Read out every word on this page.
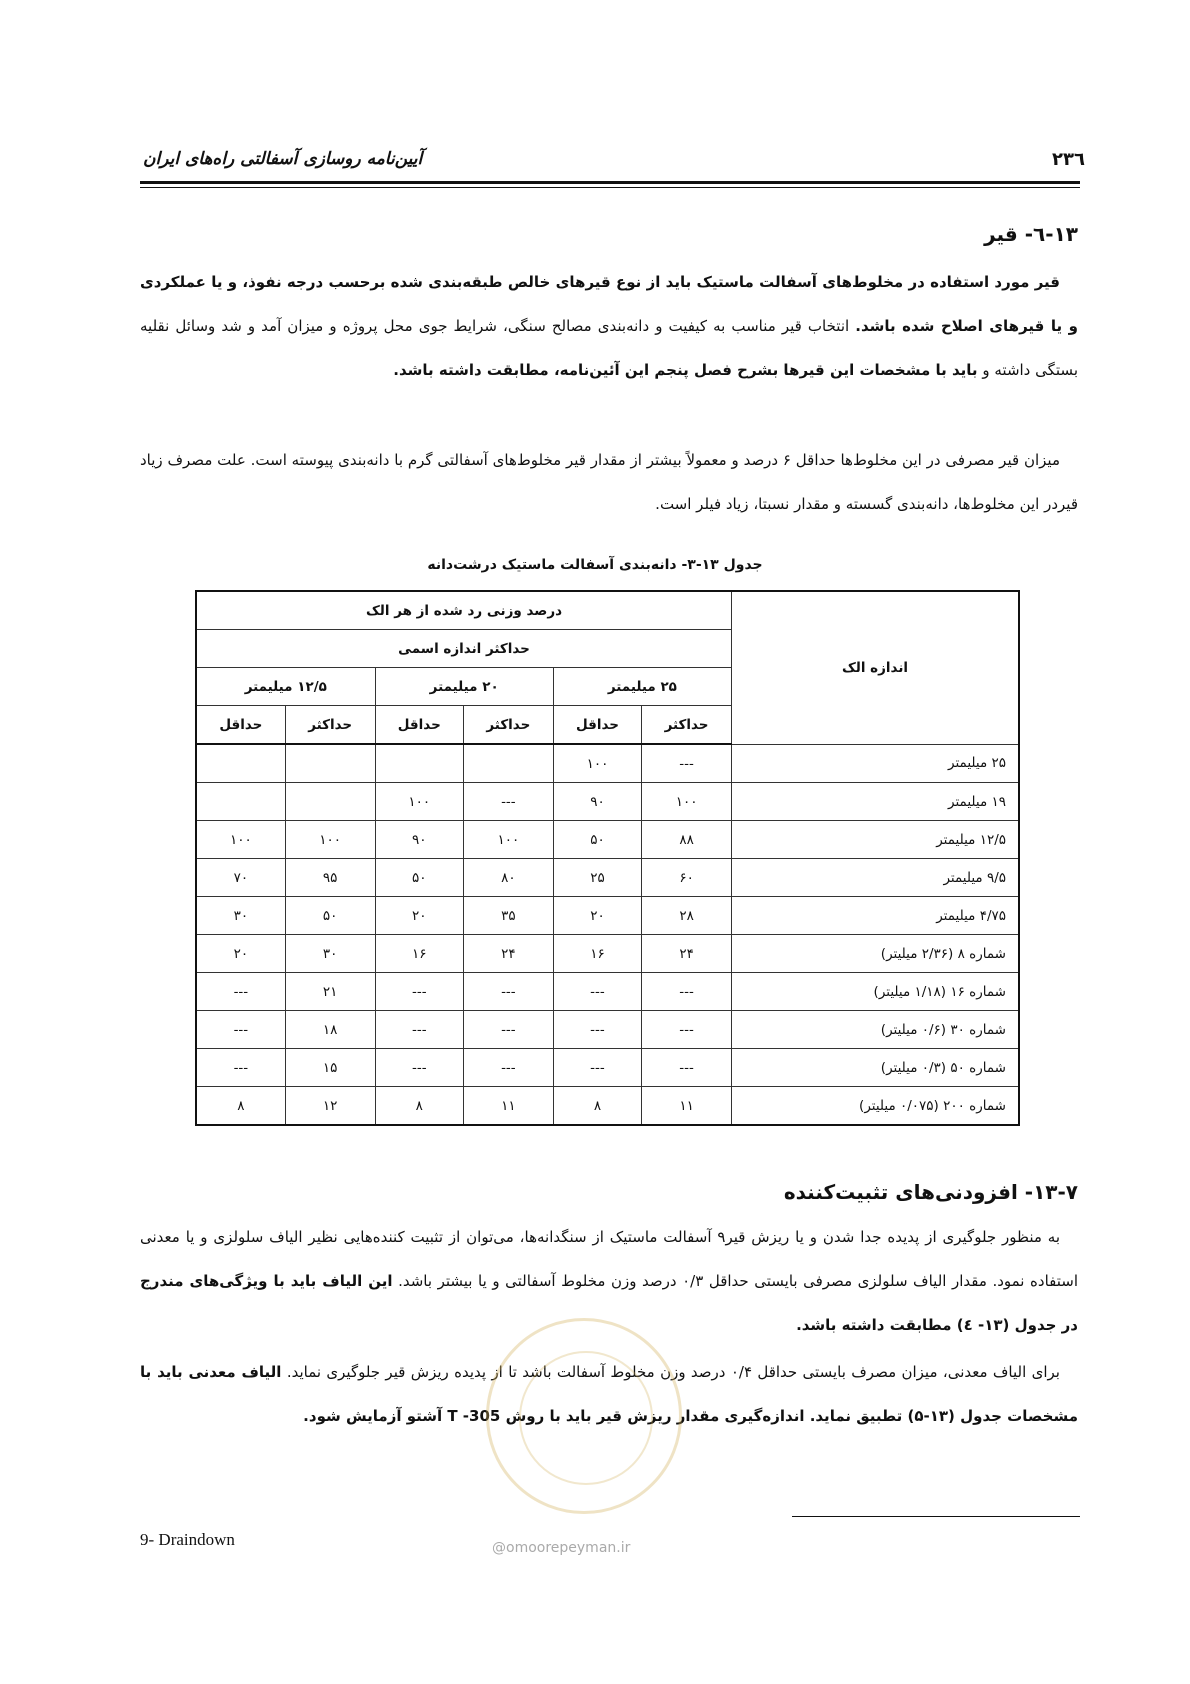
آیین‌نامه روسازی آسفالتی راه‌های ایران	۲۳٦
۱۳-٦- قیر
قیر مورد استفاده در مخلوط‌های آسفالت ماستیک باید از نوع قیرهای خالص طبقه‌بندی شده برحسب درجه نفوذ، و یا عملکردی و یا قیرهای اصلاح شده باشد. انتخاب قیر مناسب به کیفیت و دانه‌بندی مصالح سنگی، شرایط جوی محل پروژه و میزان آمد و شد وسائل نقلیه بستگی داشته و باید با مشخصات این قیرها بشرح فصل پنجم این آئین‌نامه، مطابقت داشته باشد.
میزان قیر مصرفی در این مخلوط‌ها حداقل ۶ درصد و معمولاً بیشتر از مقدار قیر مخلوط‌های آسفالتی گرم با دانه‌بندی پیوسته است. علت مصرف زیاد قیردر این مخلوط‌ها، دانه‌بندی گسسته و مقدار نسبتا، زیاد فیلر است.
جدول ۱۳-۳- دانه‌بندی آسفالت ماستیک درشت‌دانه
اندازه الک	درصد وزنی رد شده از هر الک					
	حداکثر اندازه اسمی					
	۲۵ میلیمتر		۲۰ میلیمتر		۱۲/۵ میلیمتر	
	حداکثر	حداقل	حداکثر	حداقل	حداکثر	حداقل
۲۵ میلیمتر	---	۱۰۰				
۱۹ میلیمتر	۱۰۰	۹۰	---	۱۰۰		
۱۲/۵ میلیمتر	۸۸	۵۰	۱۰۰	۹۰	۱۰۰	۱۰۰
۹/۵ میلیمتر	۶۰	۲۵	۸۰	۵۰	۹۵	۷۰
۴/۷۵ میلیمتر	۲۸	۲۰	۳۵	۲۰	۵۰	۳۰
شماره ۸ (۲/۳۶ میلیتر)	۲۴	۱۶	۲۴	۱۶	۳۰	۲۰
شماره ۱۶ (۱/۱۸ میلیتر)	---	---	---	---	۲۱	---
شماره ۳۰ (۰/۶ میلیتر)	---	---	---	---	۱۸	---
شماره ۵۰ (۰/۳ میلیتر)	---	---	---	---	۱۵	---
شماره ۲۰۰ (۰/۰۷۵ میلیتر)	۱۱	۸	۱۱	۸	۱۲	۸
۱۳-۷- افزودنی‌های تثبیت‌کننده
به منظور جلوگیری از پدیده جدا شدن و یا ریزش قیر۹ آسفالت ماستیک از سنگدانه‌ها، می‌توان از تثبیت کننده‌هایی نظیر الیاف سلولزی و یا معدنی استفاده نمود. مقدار الیاف سلولزی مصرفی بایستی حداقل ۰/۳ درصد وزن مخلوط آسفالتی و یا بیشتر باشد. این الیاف باید با ویژگی‌های مندرج در جدول (۱۳- ٤) مطابقت داشته باشد.
برای الیاف معدنی، میزان مصرف بایستی حداقل ۰/۴ درصد وزن مخلوط آسفالت باشد تا از پدیده ریزش قیر جلوگیری نماید. الیاف معدنی باید با مشخصات جدول (۱۳-۵) تطبیق نماید. اندازه‌گیری مقدار ریزش قیر باید با روش T -305 آشتو آزمایش شود.
9- Draindown	@omoorepeyman.ir
